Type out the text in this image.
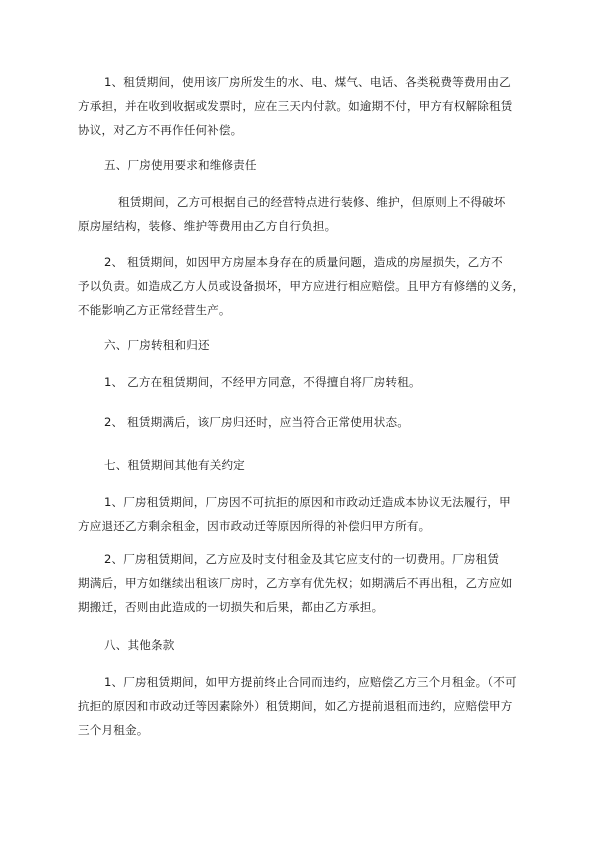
1、租赁期间，使用该厂房所发生的水、电、煤气、电话、各类税费等费用由乙
方承担，并在收到收据或发票时，应在三天内付款。如逾期不付，甲方有权解除租赁
协议，对乙方不再作任何补偿。
五、厂房使用要求和维修责任
租赁期间，乙方可根据自己的经营特点进行装修、维护，但原则上不得破坏
原房屋结构，装修、维护等费用由乙方自行负担。
2、 租赁期间，如因甲方房屋本身存在的质量问题，造成的房屋损失，乙方不
予以负责。如造成乙方人员或设备损坏，甲方应进行相应赔偿。且甲方有修缮的义务，
不能影响乙方正常经营生产。
六、厂房转租和归还
1、 乙方在租赁期间，不经甲方同意，不得擅自将厂房转租。
2、 租赁期满后，该厂房归还时，应当符合正常使用状态。
七、租赁期间其他有关约定
1、厂房租赁期间，厂房因不可抗拒的原因和市政动迁造成本协议无法履行，甲
方应退还乙方剩余租金，因市政动迁等原因所得的补偿归甲方所有。
2、厂房租赁期间，乙方应及时支付租金及其它应支付的一切费用。厂房租赁
期满后，甲方如继续出租该厂房时，乙方享有优先权；如期满后不再出租，乙方应如
期搬迁，否则由此造成的一切损失和后果，都由乙方承担。
八、其他条款
1、厂房租赁期间，如甲方提前终止合同而违约，应赔偿乙方三个月租金。（不可
抗拒的原因和市政动迁等因素除外）租赁期间，如乙方提前退租而违约，应赔偿甲方
三个月租金。
